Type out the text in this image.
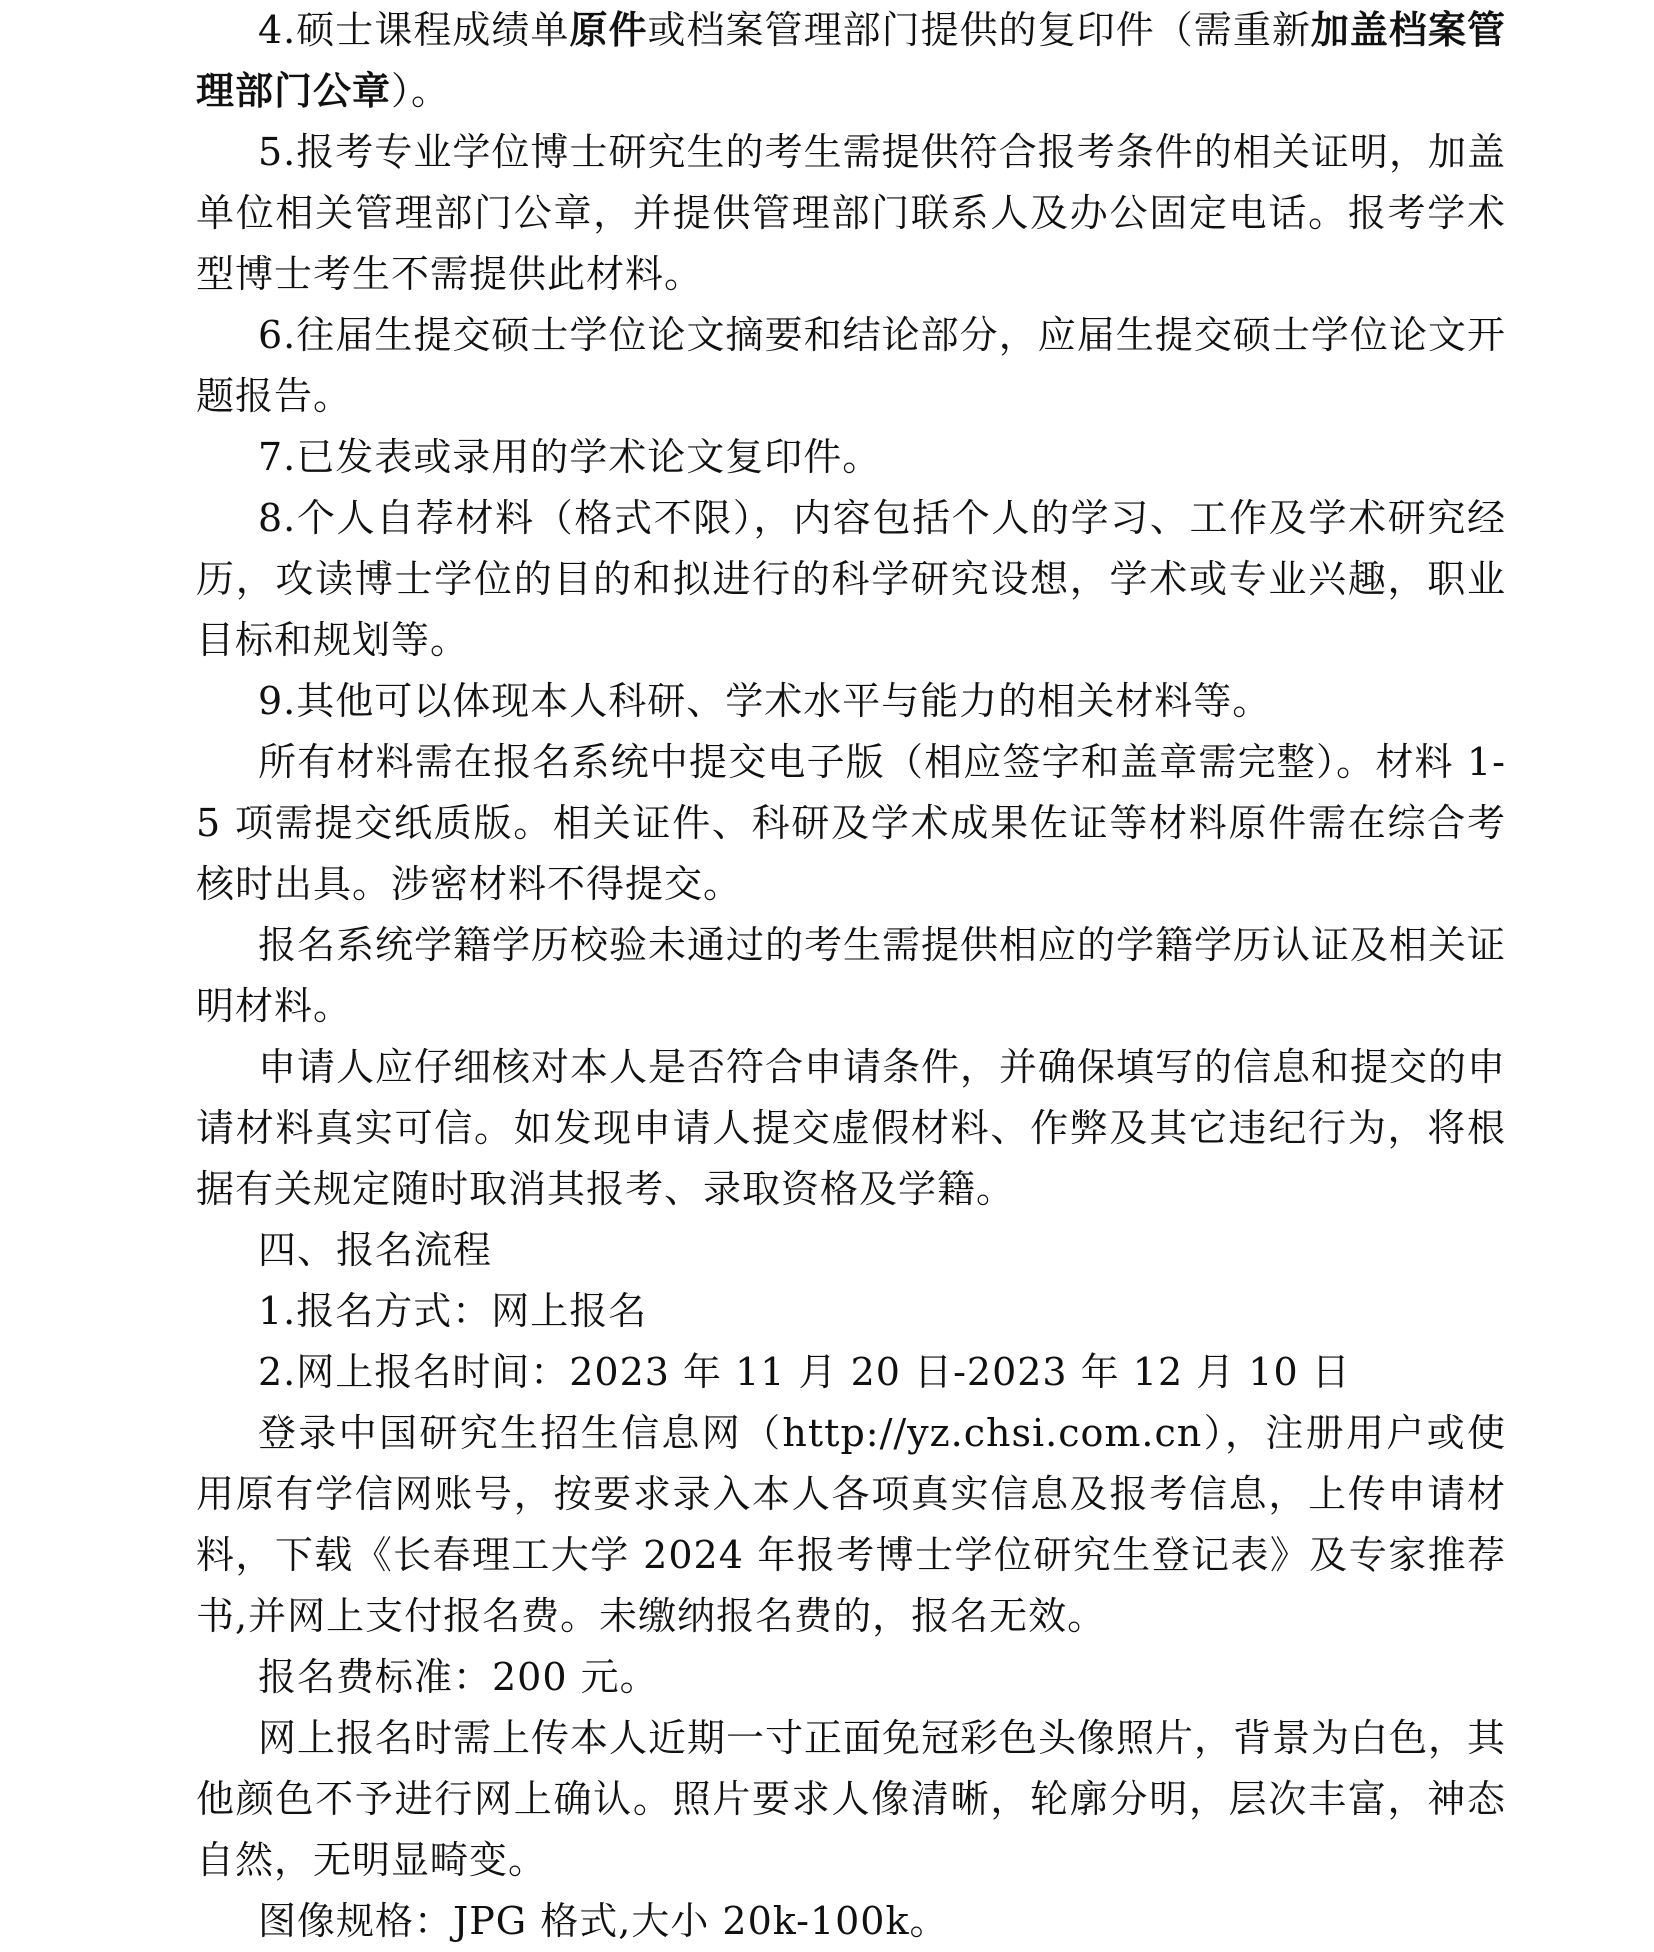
4.硕士课程成绩单原件或档案管理部门提供的复印件（需重新加盖档案管理部门公章）。

5.报考专业学位博士研究生的考生需提供符合报考条件的相关证明，加盖单位相关管理部门公章，并提供管理部门联系人及办公固定电话。报考学术型博士考生不需提供此材料。

6.往届生提交硕士学位论文摘要和结论部分，应届生提交硕士学位论文开题报告。

7.已发表或录用的学术论文复印件。

8.个人自荐材料（格式不限），内容包括个人的学习、工作及学术研究经历，攻读博士学位的目的和拟进行的科学研究设想，学术或专业兴趣，职业目标和规划等。

9.其他可以体现本人科研、学术水平与能力的相关材料等。

所有材料需在报名系统中提交电子版（相应签字和盖章需完整）。材料 1-5 项需提交纸质版。相关证件、科研及学术成果佐证等材料原件需在综合考核时出具。涉密材料不得提交。

报名系统学籍学历校验未通过的考生需提供相应的学籍学历认证及相关证明材料。

申请人应仔细核对本人是否符合申请条件，并确保填写的信息和提交的申请材料真实可信。如发现申请人提交虚假材料、作弊及其它违纪行为，将根据有关规定随时取消其报考、录取资格及学籍。

四、报名流程

1.报名方式：网上报名

2.网上报名时间：2023 年 11 月 20 日-2023 年 12 月 10 日

登录中国研究生招生信息网（http://yz.chsi.com.cn），注册用户或使用原有学信网账号，按要求录入本人各项真实信息及报考信息，上传申请材料，下载《长春理工大学 2024 年报考博士学位研究生登记表》及专家推荐书,并网上支付报名费。未缴纳报名费的，报名无效。

报名费标准：200 元。

网上报名时需上传本人近期一寸正面免冠彩色头像照片，背景为白色，其他颜色不予进行网上确认。照片要求人像清晰，轮廓分明，层次丰富，神态自然，无明显畸变。

图像规格：JPG 格式,大小 20k-100k。
